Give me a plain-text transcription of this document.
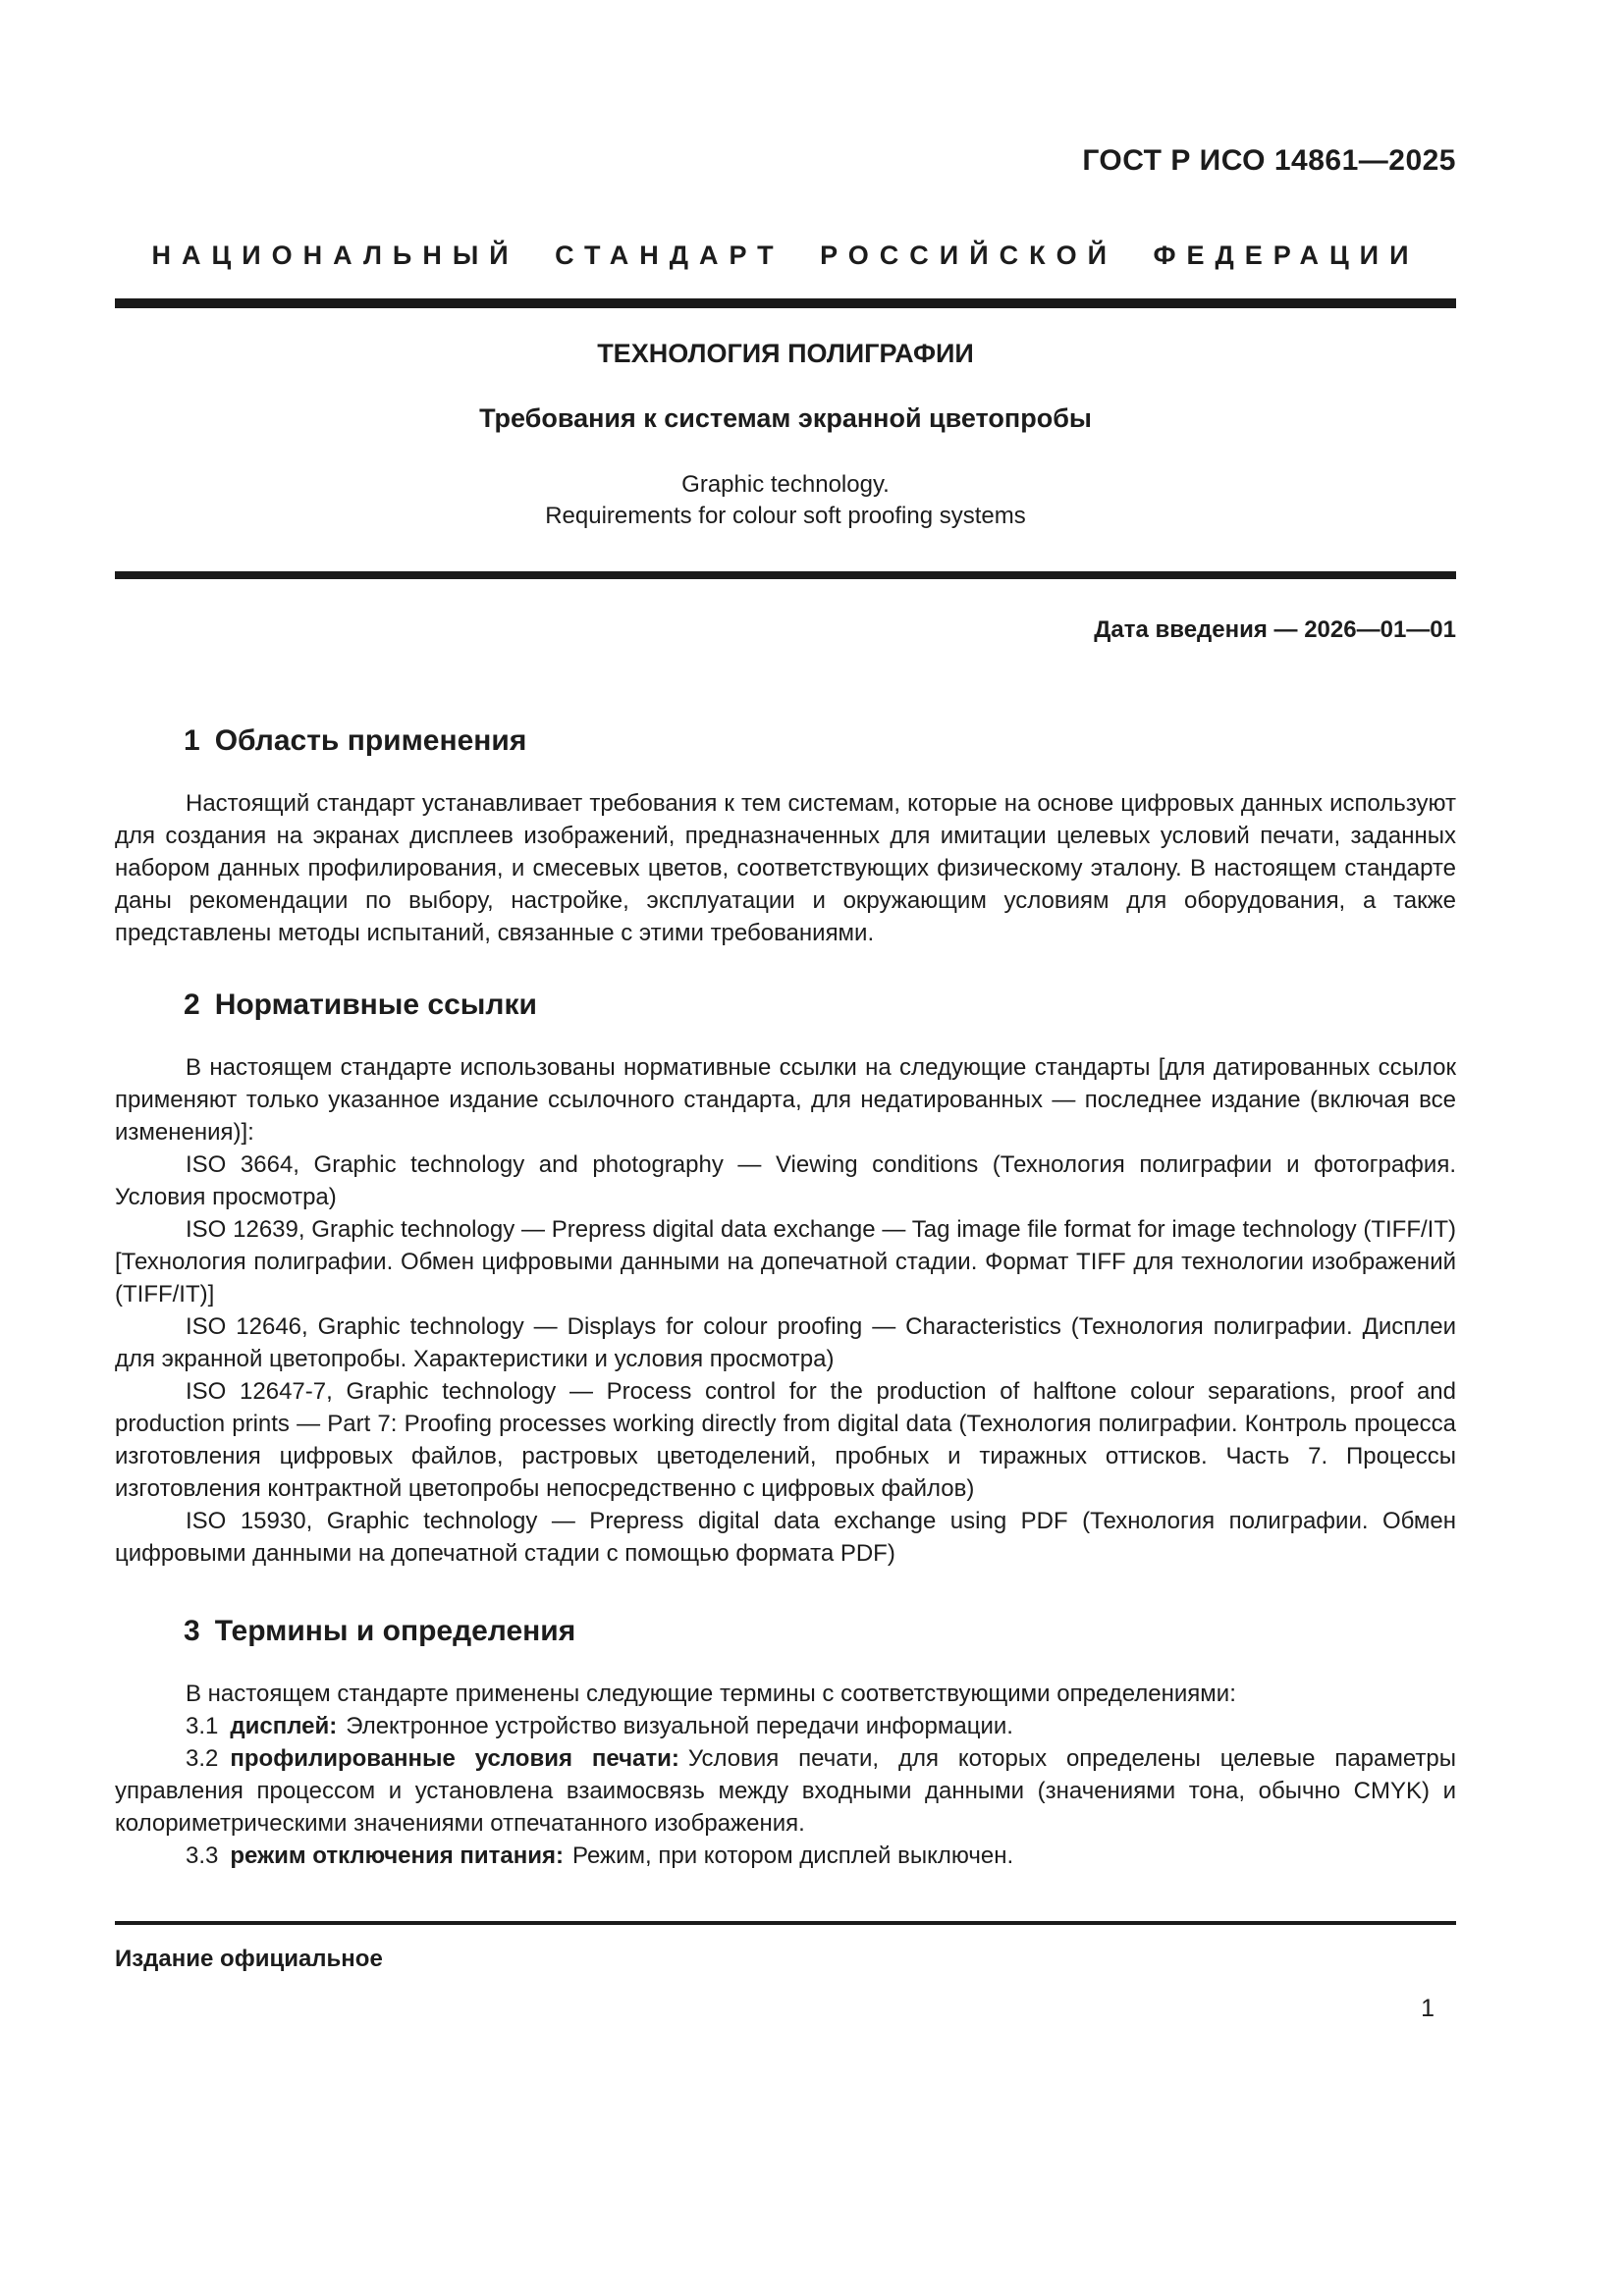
ГОСТ Р ИСО 14861—2025
НАЦИОНАЛЬНЫЙ СТАНДАРТ РОССИЙСКОЙ ФЕДЕРАЦИИ
ТЕХНОЛОГИЯ ПОЛИГРАФИИ
Требования к системам экранной цветопробы
Graphic technology.
Requirements for colour soft proofing systems
Дата введения — 2026—01—01
1 Область применения

Настоящий стандарт устанавливает требования к тем системам, которые на основе цифровых данных используют для создания на экранах дисплеев изображений, предназначенных для имитации целевых условий печати, заданных набором данных профилирования, и смесевых цветов, соответствующих физическому эталону. В настоящем стандарте даны рекомендации по выбору, настройке, эксплуатации и окружающим условиям для оборудования, а также представлены методы испытаний, связанные с этими требованиями.

2 Нормативные ссылки

В настоящем стандарте использованы нормативные ссылки на следующие стандарты [для датированных ссылок применяют только указанное издание ссылочного стандарта, для недатированных — последнее издание (включая все изменения)]:

ISO 3664, Graphic technology and photography — Viewing conditions (Технология полиграфии и фотография. Условия просмотра)

ISO 12639, Graphic technology — Prepress digital data exchange — Tag image file format for image technology (TIFF/IT) [Технология полиграфии. Обмен цифровыми данными на допечатной стадии. Формат TIFF для технологии изображений (TIFF/IT)]

ISO 12646, Graphic technology — Displays for colour proofing — Characteristics (Технология полиграфии. Дисплеи для экранной цветопробы. Характеристики и условия просмотра)

ISO 12647-7, Graphic technology — Process control for the production of halftone colour separations, proof and production prints — Part 7: Proofing processes working directly from digital data (Технология полиграфии. Контроль процесса изготовления цифровых файлов, растровых цветоделений, пробных и тиражных оттисков. Часть 7. Процессы изготовления контрактной цветопробы непосредственно с цифровых файлов)

ISO 15930, Graphic technology — Prepress digital data exchange using PDF (Технология полиграфии. Обмен цифровыми данными на допечатной стадии с помощью формата PDF)

3 Термины и определения

В настоящем стандарте применены следующие термины с соответствующими определениями:

3.1 дисплей: Электронное устройство визуальной передачи информации.

3.2 профилированные условия печати: Условия печати, для которых определены целевые параметры управления процессом и установлена взаимосвязь между входными данными (значениями тона, обычно CMYK) и колориметрическими значениями отпечатанного изображения.

3.3 режим отключения питания: Режим, при котором дисплей выключен.

Издание официальное
1
